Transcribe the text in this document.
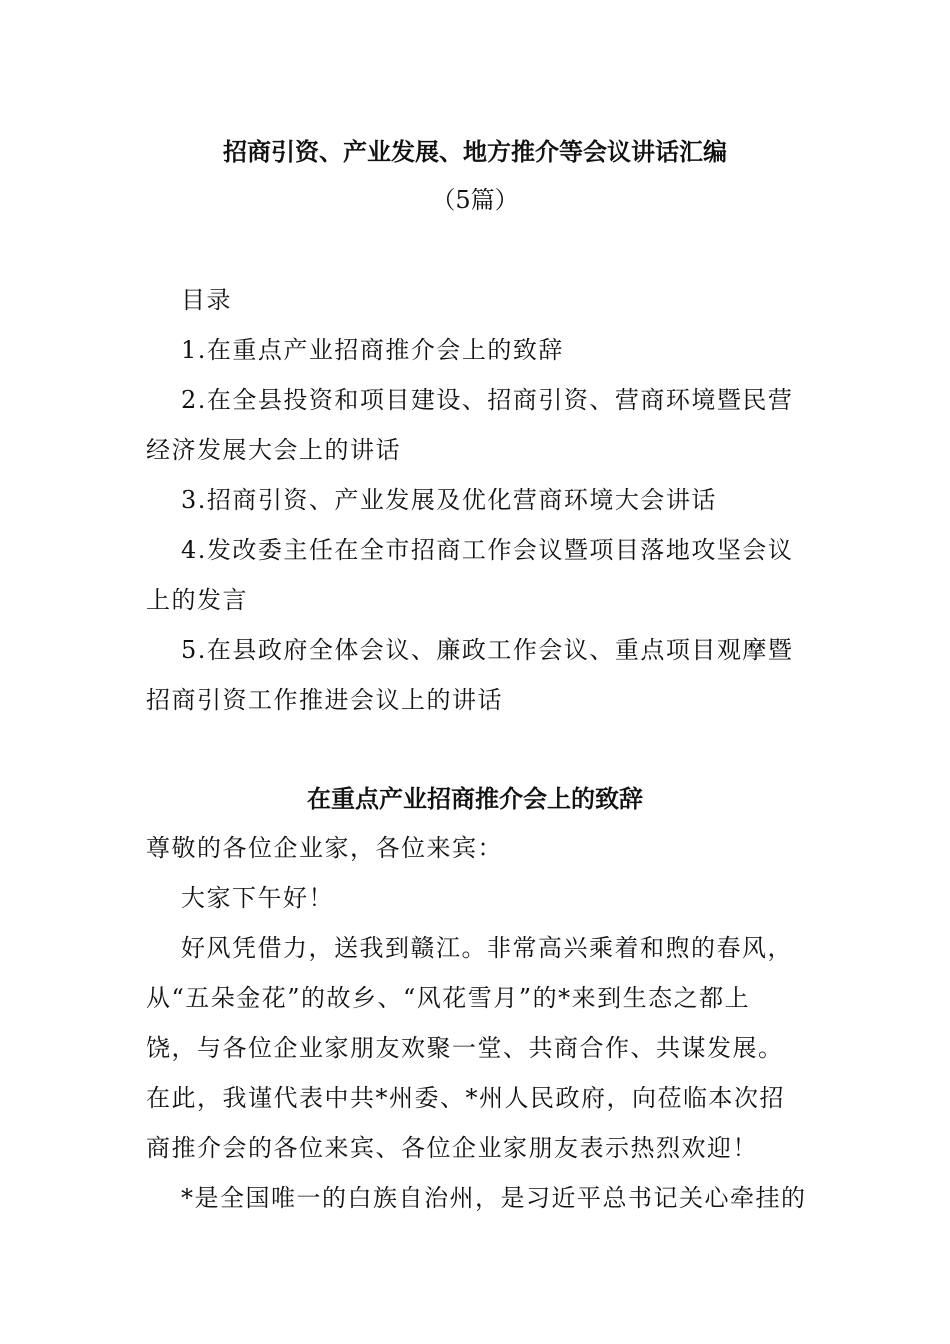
招商引资、产业发展、地方推介等会议讲话汇编
（5篇）
目录
1.在重点产业招商推介会上的致辞
2.在全县投资和项目建设、招商引资、营商环境暨民营
经济发展大会上的讲话
3.招商引资、产业发展及优化营商环境大会讲话
4.发改委主任在全市招商工作会议暨项目落地攻坚会议
上的发言
5.在县政府全体会议、廉政工作会议、重点项目观摩暨
招商引资工作推进会议上的讲话
在重点产业招商推介会上的致辞
尊敬的各位企业家，各位来宾：
大家下午好！
好风凭借力，送我到赣江。非常高兴乘着和煦的春风，
从“五朵金花”的故乡、“风花雪月”的*来到生态之都上
饶，与各位企业家朋友欢聚一堂、共商合作、共谋发展。
在此，我谨代表中共*州委、*州人民政府，向莅临本次招
商推介会的各位来宾、各位企业家朋友表示热烈欢迎！
*是全国唯一的白族自治州，是习近平总书记关心牵挂的
